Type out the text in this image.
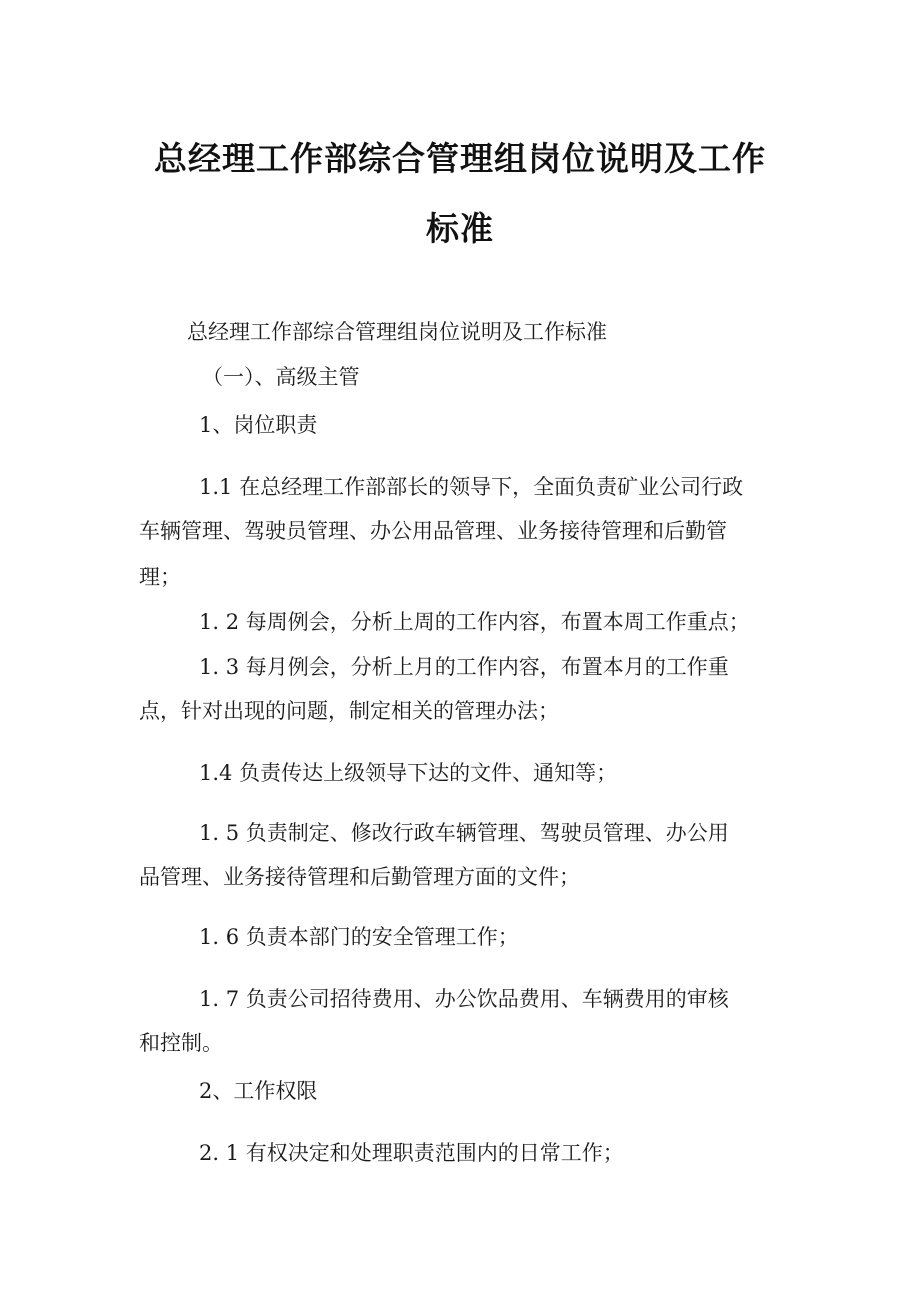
总经理工作部综合管理组岗位说明及工作
标准
总经理工作部综合管理组岗位说明及工作标准
（一）、高级主管
1、岗位职责
1.1 在总经理工作部部长的领导下，全面负责矿业公司行政
车辆管理、驾驶员管理、办公用品管理、业务接待管理和后勤管
理；
1. 2 每周例会，分析上周的工作内容，布置本周工作重点；
1. 3 每月例会，分析上月的工作内容，布置本月的工作重
点，针对出现的问题，制定相关的管理办法；
1.4 负责传达上级领导下达的文件、通知等；
1. 5 负责制定、修改行政车辆管理、驾驶员管理、办公用
品管理、业务接待管理和后勤管理方面的文件；
1. 6 负责本部门的安全管理工作；
1. 7 负责公司招待费用、办公饮品费用、车辆费用的审核
和控制。
2、工作权限
2. 1 有权决定和处理职责范围内的日常工作；
